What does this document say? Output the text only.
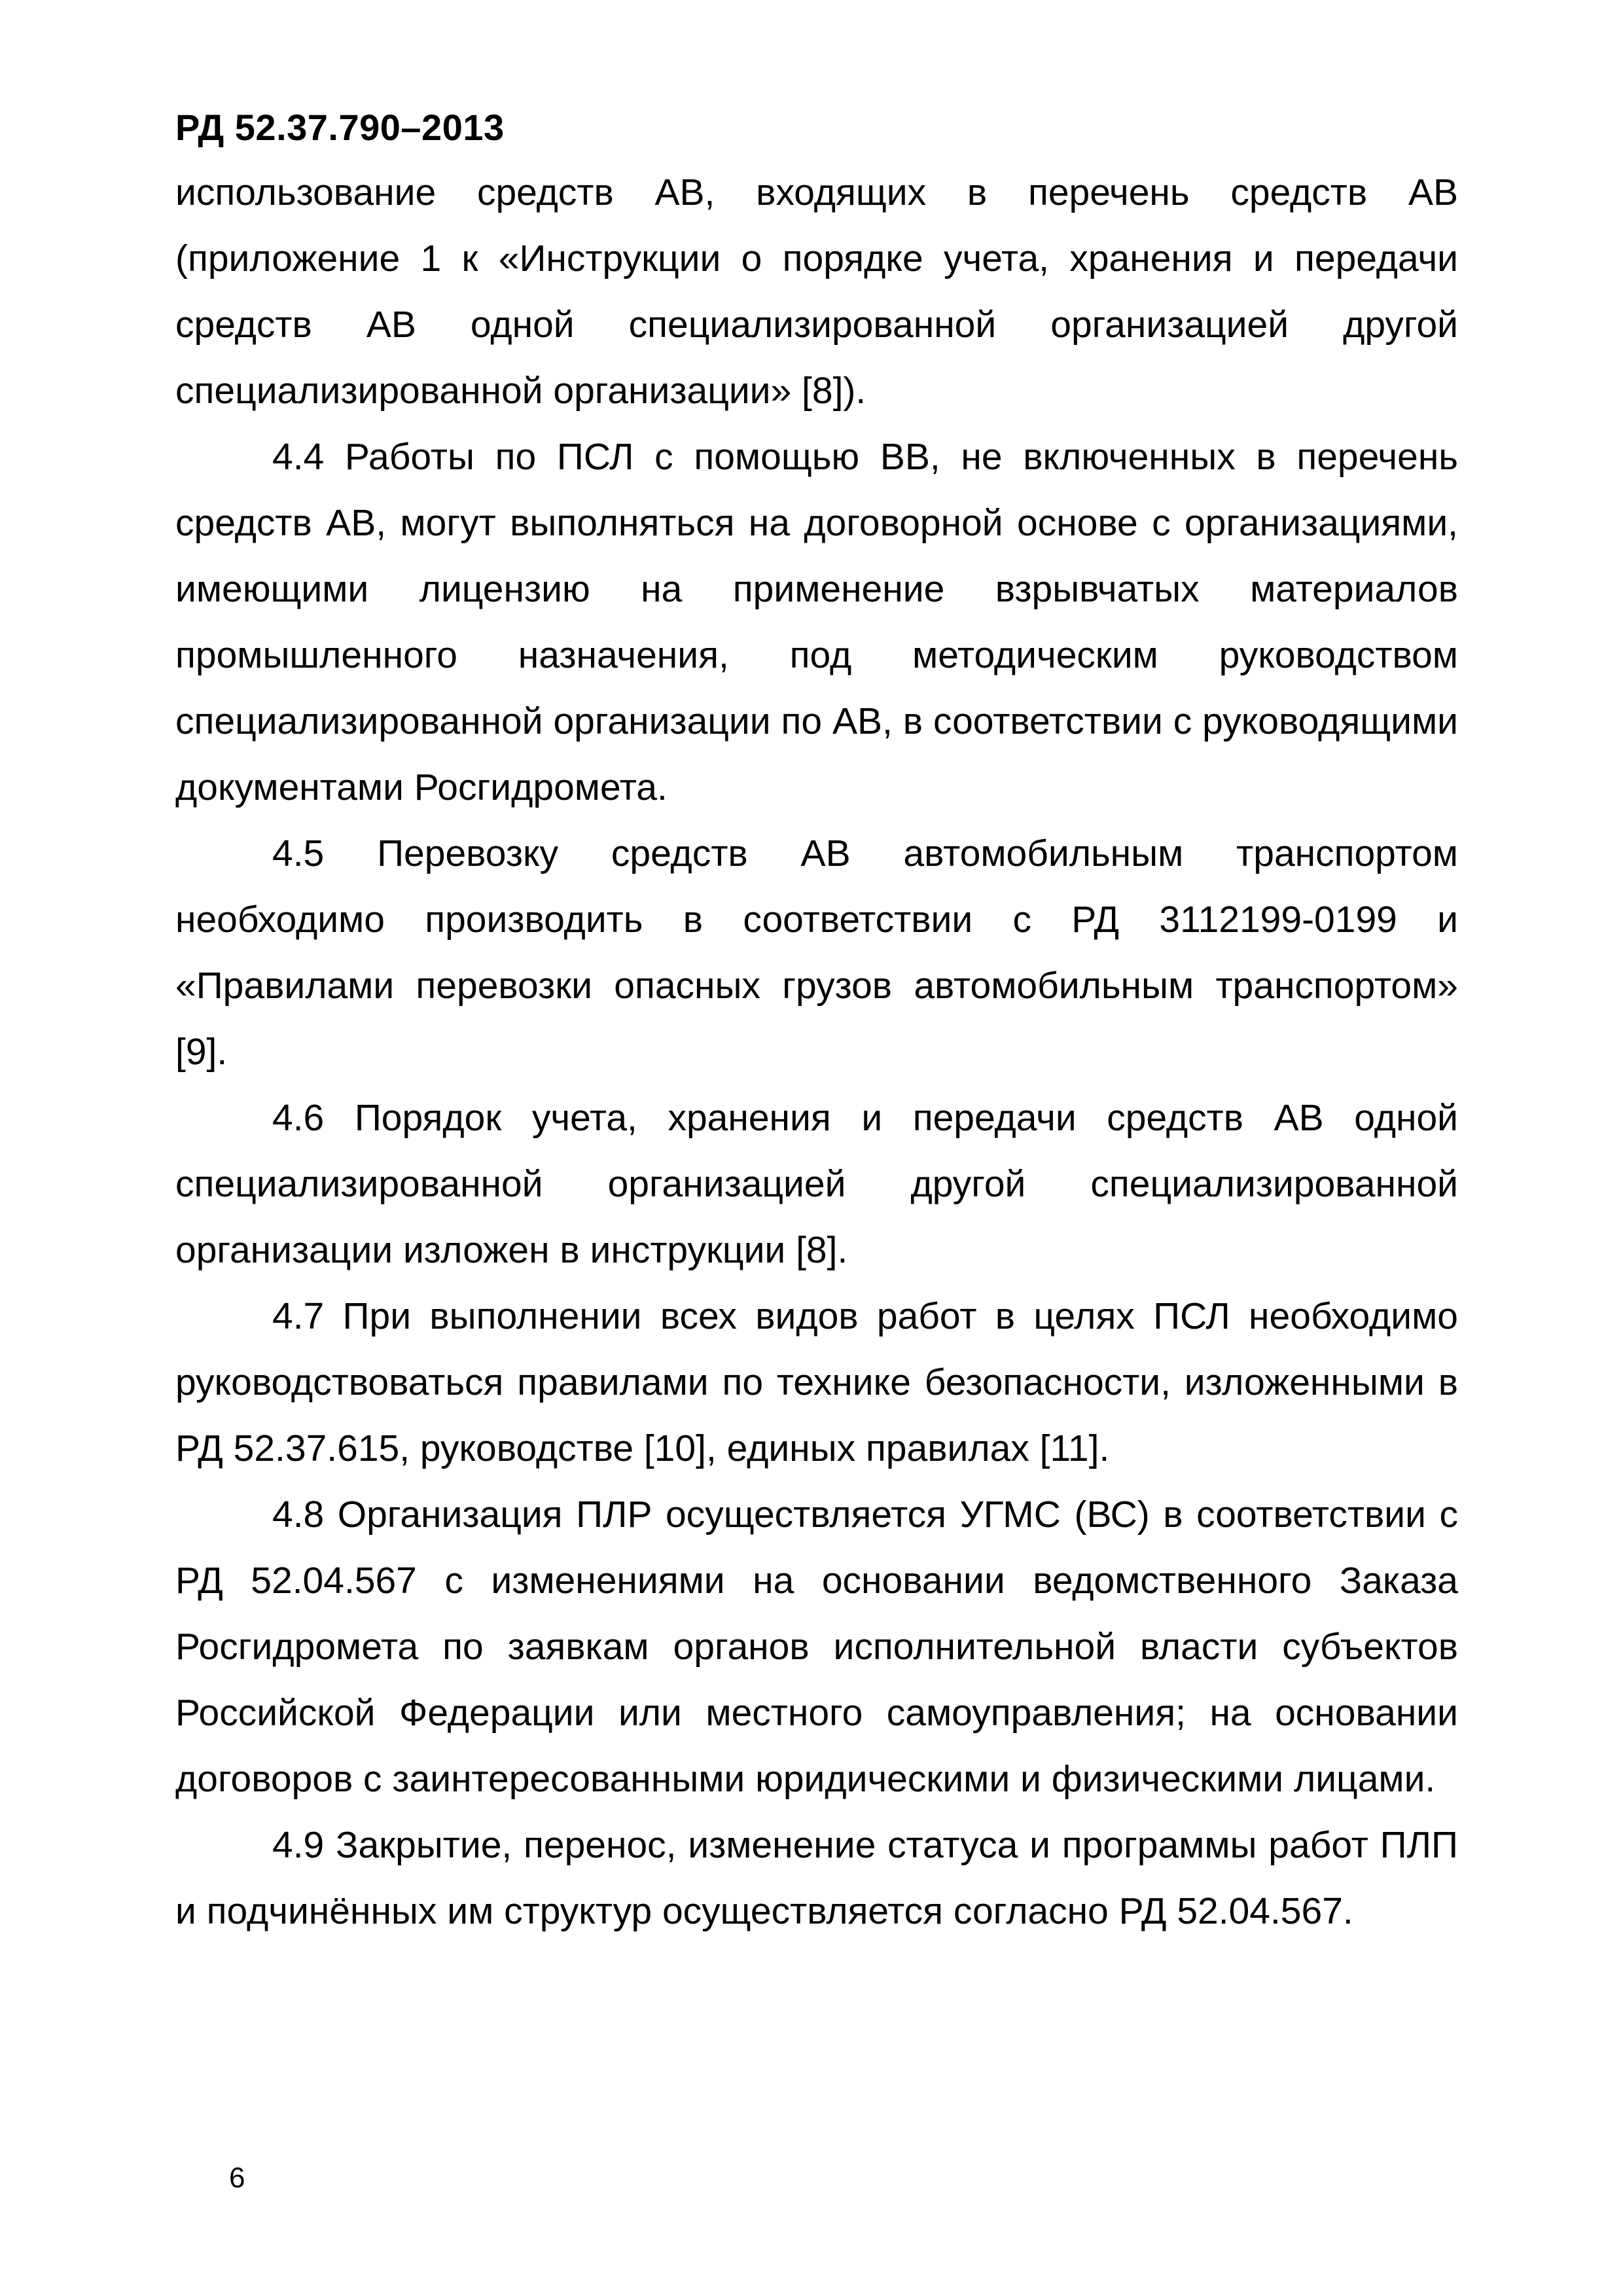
РД 52.37.790–2013

использование средств АВ, входящих в перечень средств АВ (приложение 1 к «Инструкции о порядке учета, хранения и передачи средств АВ одной специализированной организацией другой специализированной организации» [8]).

4.4 Работы по ПСЛ с помощью ВВ, не включенных в перечень средств АВ, могут выполняться на договорной основе с организациями, имеющими лицензию на применение взрывчатых материалов промышленного назначения, под методическим руководством специализированной организации по АВ, в соответствии с руководящими документами Росгидромета.

4.5 Перевозку средств АВ автомобильным транспортом необходимо производить в соответствии с РД 3112199-0199 и «Правилами перевозки опасных грузов автомобильным транспортом» [9].

4.6 Порядок учета, хранения и передачи средств АВ одной специализированной организацией другой специализированной организации изложен в инструкции [8].

4.7 При выполнении всех видов работ в целях ПСЛ необходимо руководствоваться правилами по технике безопасности, изложенными в РД 52.37.615, руководстве [10], единых правилах [11].

4.8 Организация ПЛР осуществляется УГМС (ВС) в соответствии с РД 52.04.567 с изменениями на основании ведомственного Заказа Росгидромета по заявкам органов исполнительной власти субъектов Российской Федерации или местного самоуправления; на основании договоров с заинтересованными юридическими и физическими лицами.

4.9 Закрытие, перенос, изменение статуса и программы работ ПЛП и подчинённых им структур осуществляется согласно РД 52.04.567.

6
